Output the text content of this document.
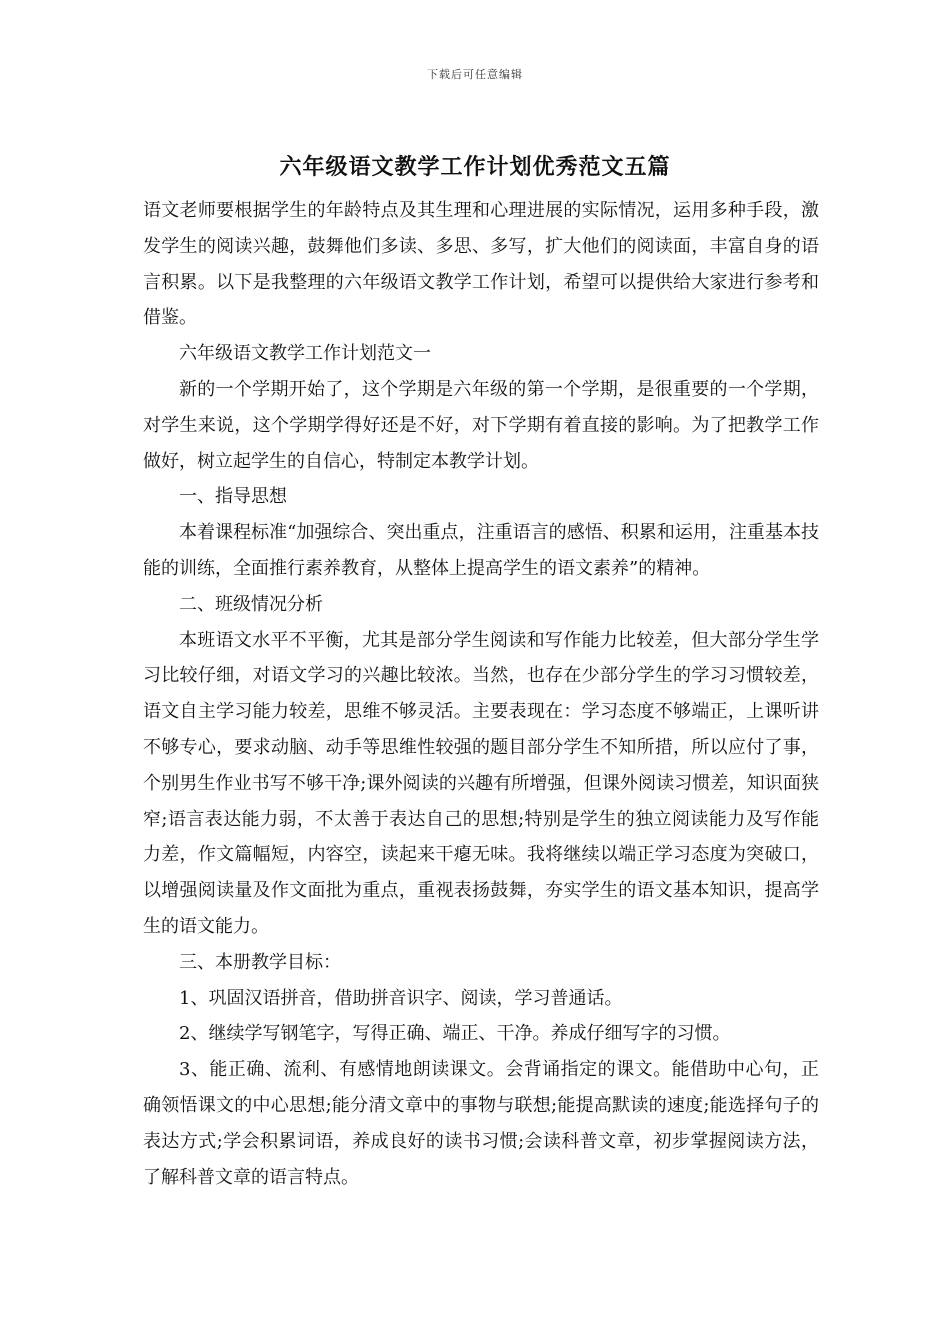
下载后可任意编辑
六年级语文教学工作计划优秀范文五篇

语文老师要根据学生的年龄特点及其生理和心理进展的实际情况，运用多种手段，激发学生的阅读兴趣，鼓舞他们多读、多思、多写，扩大他们的阅读面，丰富自身的语言积累。以下是我整理的六年级语文教学工作计划，希望可以提供给大家进行参考和借鉴。

六年级语文教学工作计划范文一

新的一个学期开始了，这个学期是六年级的第一个学期，是很重要的一个学期，对学生来说，这个学期学得好还是不好，对下学期有着直接的影响。为了把教学工作做好，树立起学生的自信心，特制定本教学计划。

一、指导思想

本着课程标准“加强综合、突出重点，注重语言的感悟、积累和运用，注重基本技能的训练，全面推行素养教育，从整体上提高学生的语文素养”的精神。

二、班级情况分析

本班语文水平不平衡，尤其是部分学生阅读和写作能力比较差，但大部分学生学习比较仔细，对语文学习的兴趣比较浓。当然，也存在少部分学生的学习习惯较差，语文自主学习能力较差，思维不够灵活。主要表现在：学习态度不够端正，上课听讲不够专心，要求动脑、动手等思维性较强的题目部分学生不知所措，所以应付了事，个别男生作业书写不够干净;课外阅读的兴趣有所增强，但课外阅读习惯差，知识面狭窄;语言表达能力弱，不太善于表达自己的思想;特别是学生的独立阅读能力及写作能力差，作文篇幅短，内容空，读起来干瘪无味。我将继续以端正学习态度为突破口，以增强阅读量及作文面批为重点，重视表扬鼓舞，夯实学生的语文基本知识，提高学生的语文能力。

三、本册教学目标：

1、巩固汉语拼音，借助拼音识字、阅读，学习普通话。

2、继续学写钢笔字，写得正确、端正、干净。养成仔细写字的习惯。

3、能正确、流利、有感情地朗读课文。会背诵指定的课文。能借助中心句，正确领悟课文的中心思想;能分清文章中的事物与联想;能提高默读的速度;能选择句子的表达方式;学会积累词语，养成良好的读书习惯;会读科普文章，初步掌握阅读方法，了解科普文章的语言特点。
